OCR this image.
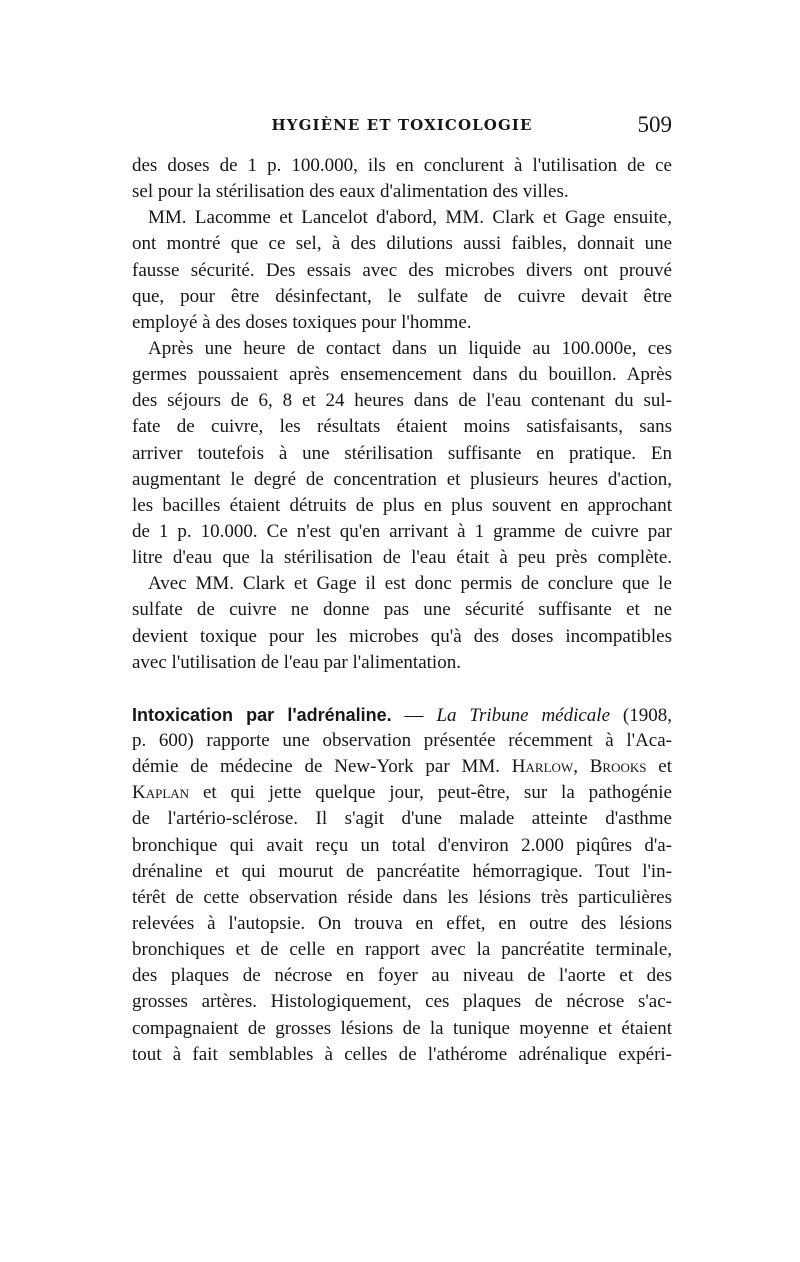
HYGIÈNE ET TOXICOLOGIE	509

des doses de 1 p. 100.000, ils en conclurent à l'utilisation de ce
sel pour la stérilisation des eaux d'alimentation des villes.

MM. Lacomme et Lancelot d'abord, MM. Clark et Gage ensuite,
ont montré que ce sel, à des dilutions aussi faibles, donnait une
fausse sécurité. Des essais avec des microbes divers ont prouvé
que, pour être désinfectant, le sulfate de cuivre devait être
employé à des doses toxiques pour l'homme.

Après une heure de contact dans un liquide au 100.000e, ces
germes poussaient après ensemencement dans du bouillon. Après
des séjours de 6, 8 et 24 heures dans de l'eau contenant du sul-
fate de cuivre, les résultats étaient moins satisfaisants, sans
arriver toutefois à une stérilisation suffisante en pratique. En
augmentant le degré de concentration et plusieurs heures d'action,
les bacilles étaient détruits de plus en plus souvent en approchant
de 1 p. 10.000. Ce n'est qu'en arrivant à 1 gramme de cuivre par
litre d'eau que la stérilisation de l'eau était à peu près complète.

Avec MM. Clark et Gage il est donc permis de conclure que le
sulfate de cuivre ne donne pas une sécurité suffisante et ne
devient toxique pour les microbes qu'à des doses incompatibles
avec l'utilisation de l'eau par l'alimentation.

Intoxication par l'adrénaline. — La Tribune médicale (1908,
p. 600) rapporte une observation présentée récemment à l'Aca-
démie de médecine de New-York par MM. Harlow, Brooks et
Kaplan et qui jette quelque jour, peut-être, sur la pathogénie
de l'artério-sclérose. Il s'agit d'une malade atteinte d'asthme
bronchique qui avait reçu un total d'environ 2.000 piqûres d'a-
drénaline et qui mourut de pancréatite hémorragique. Tout l'in-
térêt de cette observation réside dans les lésions très particulières
relevées à l'autopsie. On trouva en effet, en outre des lésions
bronchiques et de celle en rapport avec la pancréatite terminale,
des plaques de nécrose en foyer au niveau de l'aorte et des
grosses artères. Histologiquement, ces plaques de nécrose s'ac-
compagnaient de grosses lésions de la tunique moyenne et étaient
tout à fait semblables à celles de l'athérome adrénalique expéri-
